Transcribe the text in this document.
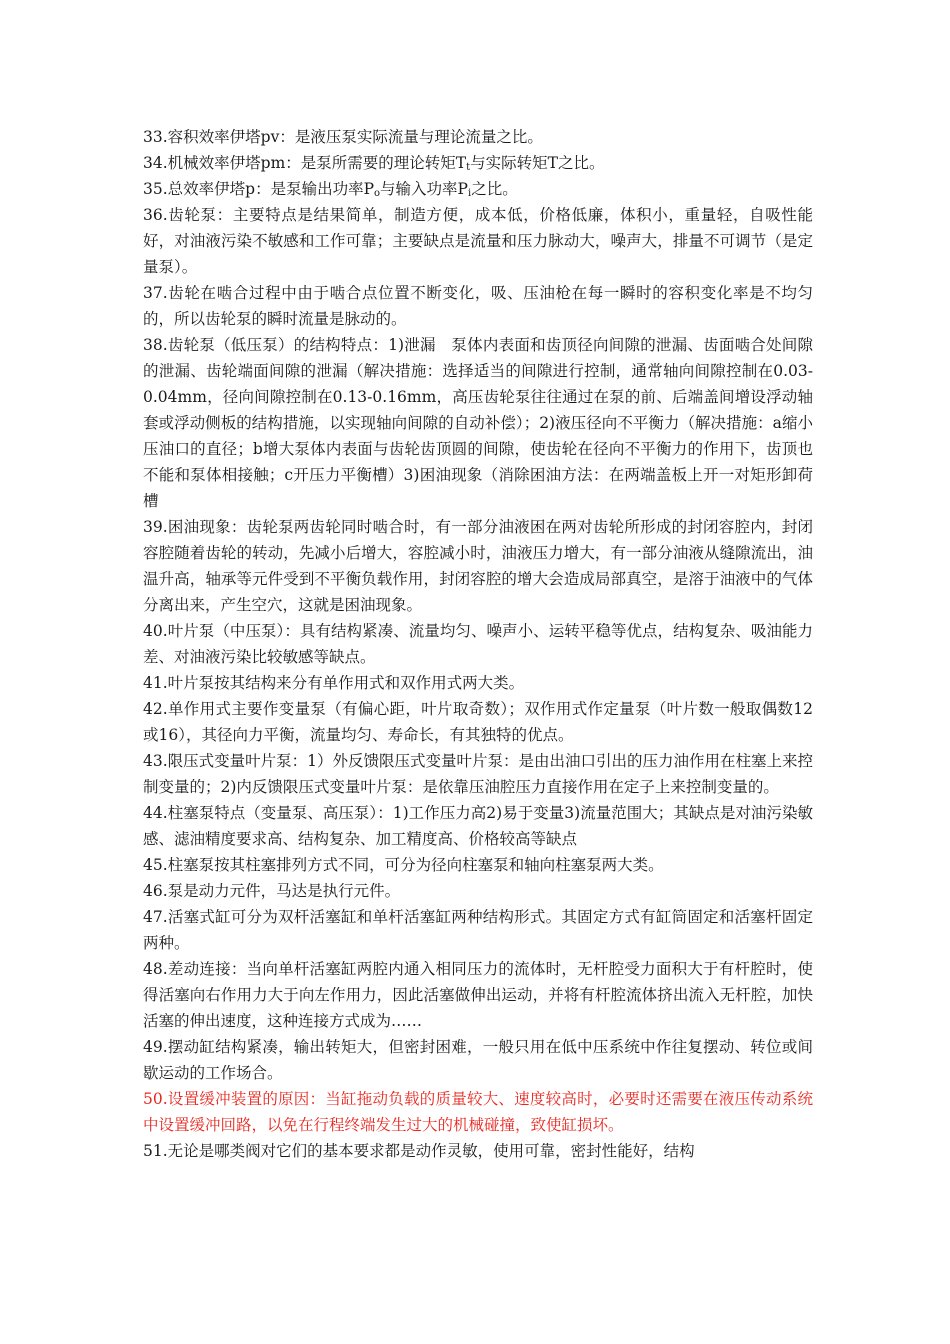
33.容积效率伊塔pv：是液压泵实际流量与理论流量之比。

34.机械效率伊塔pm：是泵所需要的理论转矩$T_t$与实际转矩T之比。

35.总效率伊塔p：是泵输出功率$P_o$与输入功率$P_i$之比。

36.齿轮泵：主要特点是结果简单，制造方便，成本低，价格低廉，体积小，重量轻，自吸性能好，对油液污染不敏感和工作可靠；主要缺点是流量和压力脉动大，噪声大，排量不可调节（是定量泵）。

37.齿轮在啮合过程中由于啮合点位置不断变化，吸、压油枪在每一瞬时的容积变化率是不均匀的，所以齿轮泵的瞬时流量是脉动的。

38.齿轮泵（低压泵）的结构特点：1)泄漏　泵体内表面和齿顶径向间隙的泄漏、齿面啮合处间隙的泄漏、齿轮端面间隙的泄漏（解决措施：选择适当的间隙进行控制，通常轴向间隙控制在0.03-0.04mm，径向间隙控制在0.13-0.16mm，高压齿轮泵往往通过在泵的前、后端盖间增设浮动轴套或浮动侧板的结构措施，以实现轴向间隙的自动补偿）；2)液压径向不平衡力（解决措施：a缩小压油口的直径；b增大泵体内表面与齿轮齿顶圆的间隙，使齿轮在径向不平衡力的作用下，齿顶也不能和泵体相接触；c开压力平衡槽）3)困油现象（消除困油方法：在两端盖板上开一对矩形卸荷槽

39.困油现象：齿轮泵两齿轮同时啮合时，有一部分油液困在两对齿轮所形成的封闭容腔内，封闭容腔随着齿轮的转动，先减小后增大，容腔减小时，油液压力增大，有一部分油液从缝隙流出，油温升高，轴承等元件受到不平衡负载作用，封闭容腔的增大会造成局部真空，是溶于油液中的气体分离出来，产生空穴，这就是困油现象。

40.叶片泵（中压泵）：具有结构紧凑、流量均匀、噪声小、运转平稳等优点，结构复杂、吸油能力差、对油液污染比较敏感等缺点。

41.叶片泵按其结构来分有单作用式和双作用式两大类。

42.单作用式主要作变量泵（有偏心距，叶片取奇数）；双作用式作定量泵（叶片数一般取偶数12或16），其径向力平衡，流量均匀、寿命长，有其独特的优点。

43.限压式变量叶片泵：1）外反馈限压式变量叶片泵：是由出油口引出的压力油作用在柱塞上来控制变量的；2)内反馈限压式变量叶片泵：是依靠压油腔压力直接作用在定子上来控制变量的。

44.柱塞泵特点（变量泵、高压泵）：1)工作压力高2)易于变量3)流量范围大；其缺点是对油污染敏感、滤油精度要求高、结构复杂、加工精度高、价格较高等缺点

45.柱塞泵按其柱塞排列方式不同，可分为径向柱塞泵和轴向柱塞泵两大类。

46.泵是动力元件，马达是执行元件。

47.活塞式缸可分为双杆活塞缸和单杆活塞缸两种结构形式。其固定方式有缸筒固定和活塞杆固定两种。

48.差动连接：当向单杆活塞缸两腔内通入相同压力的流体时，无杆腔受力面积大于有杆腔时，使得活塞向右作用力大于向左作用力，因此活塞做伸出运动，并将有杆腔流体挤出流入无杆腔，加快活塞的伸出速度，这种连接方式成为……

49.摆动缸结构紧凑，输出转矩大，但密封困难，一般只用在低中压系统中作往复摆动、转位或间歇运动的工作场合。

50.设置缓冲装置的原因：当缸拖动负载的质量较大、速度较高时，必要时还需要在液压传动系统中设置缓冲回路，以免在行程终端发生过大的机械碰撞，致使缸损坏。

51.无论是哪类阀对它们的基本要求都是动作灵敏，使用可靠，密封性能好，结构
